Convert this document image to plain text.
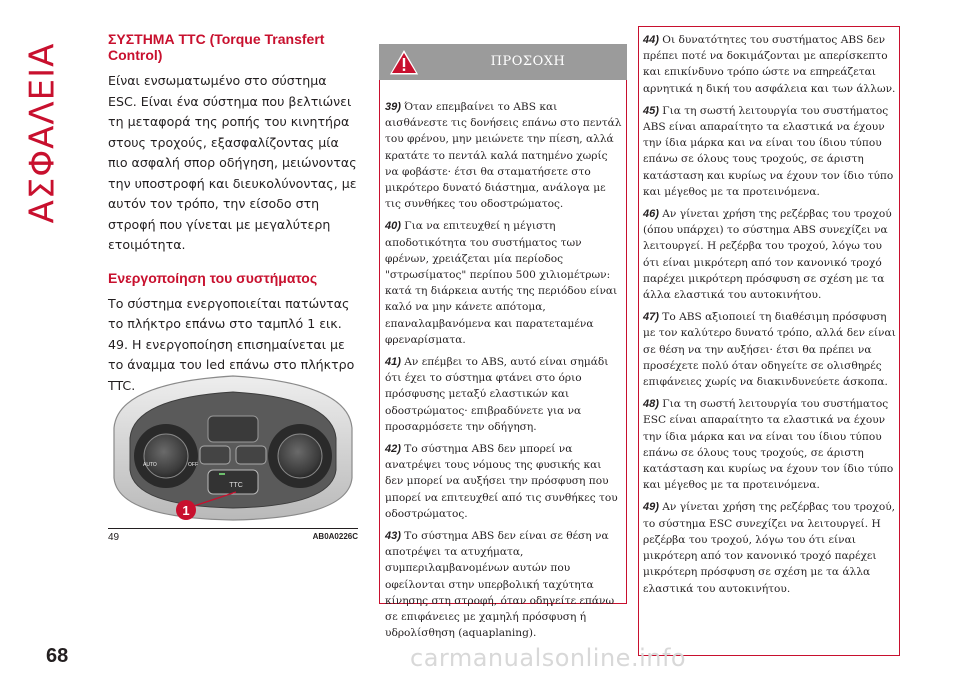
ΑΣΦΑΛΕΙΑ
ΣΥΣΤΗΜΑ TTC (Torque Transfert Control)

Είναι ενσωματωμένο στο σύστημα ESC. Είναι ένα σύστημα που βελτιώνει τη μεταφορά της ροπής του κινητήρα στους τροχούς, εξασφαλίζοντας μία πιο ασφαλή σπορ οδήγηση, μειώνοντας την υποστροφή και διευκολύνοντας, με αυτόν τον τρόπο, την είσοδο στη στροφή που γίνεται με μεγαλύτερη ετοιμότητα.

Ενεργοποίηση του συστήματος

Το σύστημα ενεργοποιείται πατώντας το πλήκτρο επάνω στο ταμπλό 1 εικ. 49. Η ενεργοποίηση επισημαίνεται με το άναμμα του led επάνω στο πλήκτρο TTC.

TTC
AUTO	OFF
1
49	AB0A0226C
ΠΡΟΣΟΧΗ

39) Όταν επεμβαίνει το ABS και αισθάνεστε τις δονήσεις επάνω στο πεντάλ του φρένου, μην μειώνετε την πίεση, αλλά κρατάτε το πεντάλ καλά πατημένο χωρίς να φοβάστε· έτσι θα σταματήσετε στο μικρότερο δυνατό διάστημα, ανάλογα με τις συνθήκες του οδοστρώματος.

40) Για να επιτευχθεί η μέγιστη αποδοτικότητα του συστήματος των φρένων, χρειάζεται μία περίοδος "στρωσίματος" περίπου 500 χιλιομέτρων: κατά τη διάρκεια αυτής της περιόδου είναι καλό να μην κάνετε απότομα, επαναλαμβανόμενα και παρατεταμένα φρεναρίσματα.

41) Αν επέμβει το ABS, αυτό είναι σημάδι ότι έχει το σύστημα φτάνει στο όριο πρόσφυσης μεταξύ ελαστικών και οδοστρώματος· επιβραδύνετε για να προσαρμόσετε την οδήγηση.

42) Το σύστημα ABS δεν μπορεί να ανατρέψει τους νόμους της φυσικής και δεν μπορεί να αυξήσει την πρόσφυση που μπορεί να επιτευχθεί από τις συνθήκες του οδοστρώματος.

43) Το σύστημα ABS δεν είναι σε θέση να αποτρέψει τα ατυχήματα, συμπεριλαμβανομένων αυτών που οφείλονται στην υπερβολική ταχύτητα κίνησης στη στροφή, όταν οδηγείτε επάνω σε επιφάνειες με χαμηλή πρόσφυση ή υδρολίσθηση (aquaplaning).

44) Οι δυνατότητες του συστήματος ABS δεν πρέπει ποτέ να δοκιμάζονται με απερίσκεπτο και επικίνδυνο τρόπο ώστε να επηρεάζεται αρνητικά η δική του ασφάλεια και των άλλων.

45) Για τη σωστή λειτουργία του συστήματος ABS είναι απαραίτητο τα ελαστικά να έχουν την ίδια μάρκα και να είναι του ίδιου τύπου επάνω σε όλους τους τροχούς, σε άριστη κατάσταση και κυρίως να έχουν τον ίδιο τύπο και μέγεθος με τα προτεινόμενα.

46) Αν γίνεται χρήση της ρεζέρβας του τροχού (όπου υπάρχει) το σύστημα ABS συνεχίζει να λειτουργεί. Η ρεζέρβα του τροχού, λόγω του ότι είναι μικρότερη από τον κανονικό τροχό παρέχει μικρότερη πρόσφυση σε σχέση με τα άλλα ελαστικά του αυτοκινήτου.

47) Το ABS αξιοποιεί τη διαθέσιμη πρόσφυση με τον καλύτερο δυνατό τρόπο, αλλά δεν είναι σε θέση να την αυξήσει· έτσι θα πρέπει να προσέχετε πολύ όταν οδηγείτε σε ολισθηρές επιφάνειες χωρίς να διακινδυνεύετε άσκοπα.

48) Για τη σωστή λειτουργία του συστήματος ESC είναι απαραίτητο τα ελαστικά να έχουν την ίδια μάρκα και να είναι του ίδιου τύπου επάνω σε όλους τους τροχούς, σε άριστη κατάσταση και κυρίως να έχουν τον ίδιο τύπο και μέγεθος με τα προτεινόμενα.

49) Αν γίνεται χρήση της ρεζέρβας του τροχού, το σύστημα ESC συνεχίζει να λειτουργεί. Η ρεζέρβα του τροχού, λόγω του ότι είναι μικρότερη από τον κανονικό τροχό παρέχει μικρότερη πρόσφυση σε σχέση με τα άλλα ελαστικά του αυτοκινήτου.

68	carmanualsonline.info
